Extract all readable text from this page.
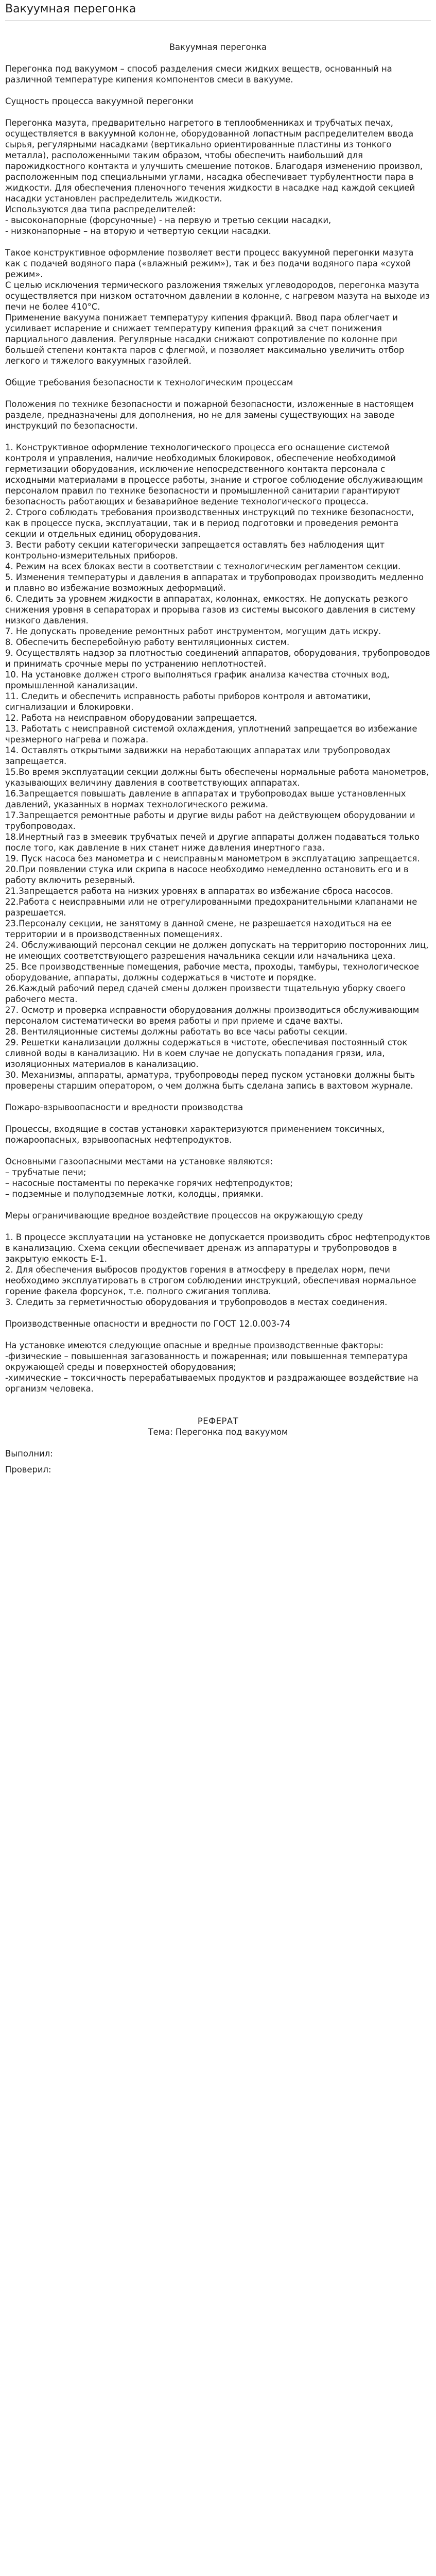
Вакуумная перегонка

Вакуумная перегонка

Перегонка под вакуумом – способ разделения смеси жидких веществ, основанный на различной температуре кипения компонентов смеси в вакууме.

Сущность процесса вакуумной перегонки

Перегонка мазута, предварительно нагретого в теплообменниках и трубчатых печах, осуществляется в вакуумной колонне, оборудованной лопастным распределителем ввода сырья, регулярными насадками (вертикально ориентированные пластины из тонкого металла), расположенными таким образом, чтобы обеспечить наибольший для парожидкостного контакта и улучшить смешение потоков. Благодаря изменению произвол, расположенным под специальными углами, насадка обеспечивает турбулентности пара в жидкости. Для обеспечения пленочного течения жидкости в насадке над каждой секцией насадки установлен распределитель жидкости.

Используются два типа распределителей:

- высоконапорные (форсуночные) - на первую и третью секции насадки,
- низконапорные – на вторую и четвертую секции насадки.

Такое конструктивное оформление позволяет вести процесс вакуумной перегонки мазута как с подачей водяного пара («влажный режим»), так и без подачи водяного пара «сухой режим».

С целью исключения термического разложения тяжелых углеводородов, перегонка мазута осуществляется при низком остаточном давлении в колонне, с нагревом мазута на выходе из печи не более 410°С.

Применение вакуума понижает температуру кипения фракций. Ввод пара облегчает и усиливает испарение и снижает температуру кипения фракций за счет понижения парциального давления. Регулярные насадки снижают сопротивление по колонне при большей степени контакта паров с флегмой, и позволяет максимально увеличить отбор легкого и тяжелого вакуумных газойлей.

Общие требования безопасности к технологическим процессам

Положения по технике безопасности и пожарной безопасности, изложенные в настоящем разделе, предназначены для дополнения, но не для замены существующих на заводе инструкций по безопасности.

1. Конструктивное оформление технологического процесса его оснащение системой контроля и управления, наличие необходимых блокировок, обеспечение необходимой герметизации оборудования, исключение непосредственного контакта персонала с исходными материалами в процессе работы, знание и строгое соблюдение обслуживающим персоналом правил по технике безопасности и промышленной санитарии гарантируют безопасность работающих и безаварийное ведение технологического процесса.

2. Строго соблюдать требования производственных инструкций по технике безопасности, как в процессе пуска, эксплуатации, так и в период подготовки и проведения ремонта секции и отдельных единиц оборудования.

3. Вести работу секции категорически запрещается оставлять без наблюдения щит контрольно-измерительных приборов.

4. Режим на всех блоках вести в соответствии с технологическим регламентом секции.

5. Изменения температуры и давления в аппаратах и трубопроводах производить медленно и плавно во избежание возможных деформаций.

6. Следить за уровнем жидкости в аппаратах, колоннах, емкостях. Не допускать резкого снижения уровня в сепараторах и прорыва газов из системы высокого давления в систему низкого давления.

7. Не допускать проведение ремонтных работ инструментом, могущим дать искру.

8. Обеспечить бесперебойную работу вентиляционных систем.

9. Осуществлять надзор за плотностью соединений аппаратов, оборудования, трубопроводов и принимать срочные меры по устранению неплотностей.

10. На установке должен строго выполняться график анализа качества сточных вод, промышленной канализации.

11. Следить и обеспечить исправность работы приборов контроля и автоматики, сигнализации и блокировки.

12. Работа на неисправном оборудовании запрещается.

13. Работать с неисправной системой охлаждения, уплотнений запрещается во избежание чрезмерного нагрева и пожара.

14. Оставлять открытыми задвижки на неработающих аппаратах или трубопроводах запрещается.

15.Во время эксплуатации секции должны быть обеспечены нормальные работа манометров, указывающих величину давления в соответствующих аппаратах.

16.Запрещается повышать давление в аппаратах и трубопроводах выше установленных давлений, указанных в нормах технологического режима.

17.Запрещается ремонтные работы и другие виды работ на действующем оборудовании и трубопроводах.

18.Инертный газ в змеевик трубчатых печей и другие аппараты должен подаваться только после того, как давление в них станет ниже давления инертного газа.

19. Пуск насоса без манометра и с неисправным манометром в эксплуатацию запрещается.

20.При появлении стука или скрипа в насосе необходимо немедленно остановить его и в работу включить резервный.

21.Запрещается работа на низких уровнях в аппаратах во избежание сброса насосов.

22.Работа с неисправными или не отрегулированными предохранительными клапанами не разрешается.

23.Персоналу секции, не занятому в данной смене, не разрешается находиться на ее территории и в производственных помещениях.

24. Обслуживающий персонал секции не должен допускать на территорию посторонних лиц, не имеющих соответствующего разрешения начальника секции или начальника цеха.

25. Все производственные помещения, рабочие места, проходы, тамбуры, технологическое оборудование, аппараты, должны содержаться в чистоте и порядке.

26.Каждый рабочий перед сдачей смены должен произвести тщательную уборку своего рабочего места.

27. Осмотр и проверка исправности оборудования должны производиться обслуживающим персоналом систематически во время работы и при приеме и сдаче вахты.

28. Вентиляционные системы должны работать во все часы работы секции.

29. Решетки канализации должны содержаться в чистоте, обеспечивая постоянный сток сливной воды в канализацию. Ни в коем случае не допускать попадания грязи, ила, изоляционных материалов в канализацию.

30. Механизмы, аппараты, арматура, трубопроводы перед пуском установки должны быть проверены старшим оператором, о чем должна быть сделана запись в вахтовом журнале.

Пожаро-взрывоопасности и вредности производства

Процессы, входящие в состав установки характеризуются применением токсичных, пожароопасных, взрывоопасных нефтепродуктов.

Основными газоопасными местами на установке являются:

– трубчатые печи;

– насосные постаменты по перекачке горячих нефтепродуктов;

– подземные и полуподземные лотки, колодцы, приямки.

Меры ограничивающие вредное воздействие процессов на окружающую среду

1. В процессе эксплуатации на установке не допускается производить сброс нефтепродуктов в канализацию. Схема секции обеспечивает дренаж из аппаратуры и трубопроводов в закрытую емкость Е-1.

2. Для обеспечения выбросов продуктов горения в атмосферу в пределах норм, печи необходимо эксплуатировать в строгом соблюдении инструкций, обеспечивая нормальное горение факела форсунок, т.е. полного сжигания топлива.

3. Следить за герметичностью оборудования и трубопроводов в местах соединения.

Производственные опасности и вредности по ГОСТ 12.0.003-74

На установке имеются следующие опасные и вредные производственные факторы:

-физические – повышенная загазованность и пожаренная; или повышенная температура окружающей среды и поверхностей оборудования;

-химические – токсичность перерабатываемых продуктов и раздражающее воздействие на организм человека.

РЕФЕРАТ

Тема: Перегонка под вакуумом

Выполнил:

Проверил:
